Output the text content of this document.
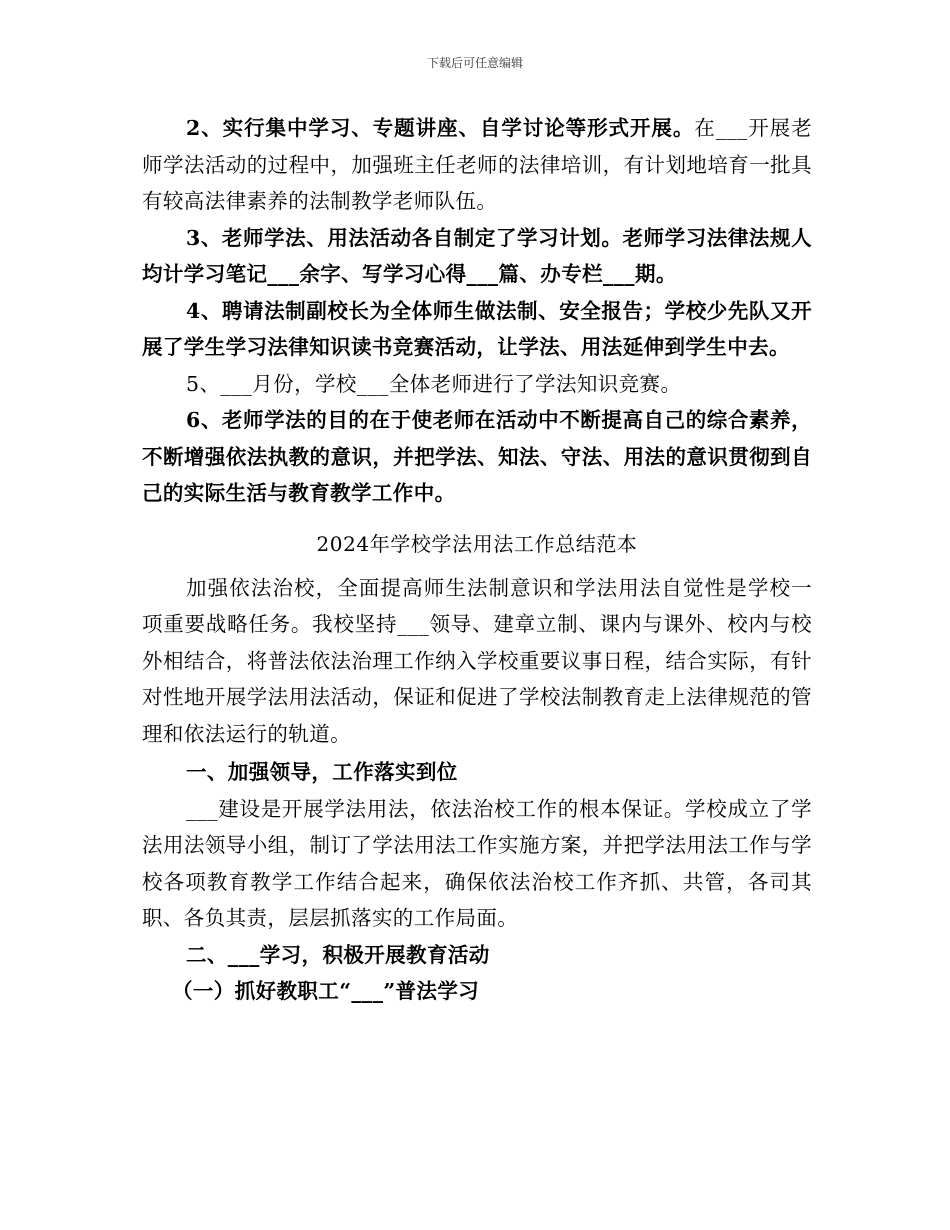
下载后可任意编辑

2、实行集中学习、专题讲座、自学讨论等形式开展。在___开展老师学法活动的过程中，加强班主任老师的法律培训，有计划地培育一批具有较高法律素养的法制教学老师队伍。

3、老师学法、用法活动各自制定了学习计划。老师学习法律法规人均计学习笔记___余字、写学习心得___篇、办专栏___期。

4、聘请法制副校长为全体师生做法制、安全报告；学校少先队又开展了学生学习法律知识读书竞赛活动，让学法、用法延伸到学生中去。

5、___月份，学校___全体老师进行了学法知识竞赛。

6、老师学法的目的在于使老师在活动中不断提高自己的综合素养，不断增强依法执教的意识，并把学法、知法、守法、用法的意识贯彻到自己的实际生活与教育教学工作中。

2024年学校学法用法工作总结范本

加强依法治校，全面提高师生法制意识和学法用法自觉性是学校一项重要战略任务。我校坚持___领导、建章立制、课内与课外、校内与校外相结合，将普法依法治理工作纳入学校重要议事日程，结合实际，有针对性地开展学法用法活动，保证和促进了学校法制教育走上法律规范的管理和依法运行的轨道。

一、加强领导，工作落实到位

___建设是开展学法用法，依法治校工作的根本保证。学校成立了学法用法领导小组，制订了学法用法工作实施方案，并把学法用法工作与学校各项教育教学工作结合起来，确保依法治校工作齐抓、共管，各司其职、各负其责，层层抓落实的工作局面。

二、___学习，积极开展教育活动

（一）抓好教职工“___”普法学习
